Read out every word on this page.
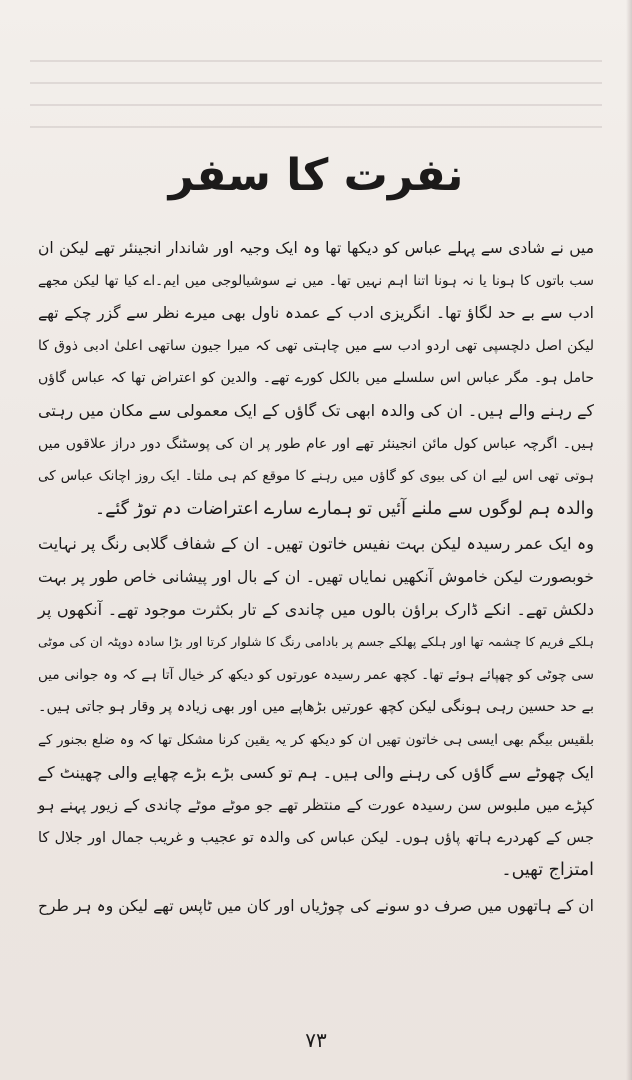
نفرت کا سفر
میں نے شادی سے پہلے عباس کو دیکھا تھا وہ ایک وجیہ اور شاندار انجینئر تھے لیکن ان
سب باتوں کا ہونا یا نہ ہونا اتنا اہم نہیں تھا۔ میں نے سوشیالوجی میں ایم۔اے کیا تھا لیکن مجھے
ادب سے بے حد لگاؤ تھا۔ انگریزی ادب کے عمدہ ناول بھی میرے نظر سے گزر چکے تھے
لیکن اصل دلچسپی تھی اردو ادب سے میں چاہتی تھی کہ میرا جیون ساتھی اعلیٰ ادبی ذوق کا
حامل ہو۔ مگر عباس اس سلسلے میں بالکل کورے تھے۔ والدین کو اعتراض تھا کہ عباس گاؤں
کے رہنے والے ہیں۔ ان کی والدہ ابھی تک گاؤں کے ایک معمولی سے مکان میں رہتی
ہیں۔ اگرچہ عباس کول مائن انجینئر تھے اور عام طور پر ان کی پوسٹنگ دور دراز علاقوں میں
ہوتی تھی اس لیے ان کی بیوی کو گاؤں میں رہنے کا موقع کم ہی ملتا۔ ایک روز اچانک عباس کی
والدہ ہم لوگوں سے ملنے آئیں تو ہمارے سارے اعتراضات دم توڑ گئے۔
وہ ایک عمر رسیدہ لیکن بہت نفیس خاتون تھیں۔ ان کے شفاف گلابی رنگ پر نہایت
خوبصورت لیکن خاموش آنکھیں نمایاں تھیں۔ ان کے بال اور پیشانی خاص طور پر بہت
دلکش تھے۔ انکے ڈارک براؤن بالوں میں چاندی کے تار بکثرت موجود تھے۔ آنکھوں پر
ہلکے فریم کا چشمہ تھا اور ہلکے پھلکے جسم پر بادامی رنگ کا شلوار کرتا اور بڑا سادہ دوپٹہ ان کی موٹی
سی چوٹی کو چھپائے ہوئے تھا۔ کچھ عمر رسیدہ عورتوں کو دیکھ کر خیال آتا ہے کہ وہ جوانی میں
بے حد حسین رہی ہونگی لیکن کچھ عورتیں بڑھاپے میں اور بھی زیادہ پر وقار ہو جاتی ہیں۔
بلقیس بیگم بھی ایسی ہی خاتون تھیں ان کو دیکھ کر یہ یقین کرنا مشکل تھا کہ وہ ضلع بجنور کے
ایک چھوٹے سے گاؤں کی رہنے والی ہیں۔ ہم تو کسی بڑے بڑے چھاپے والی چھینٹ کے
کپڑے میں ملبوس سن رسیدہ عورت کے منتظر تھے جو موٹے موٹے چاندی کے زیور پہنے ہو
جس کے کھردرے ہاتھ پاؤں ہوں۔ لیکن عباس کی والدہ تو عجیب و غریب جمال اور جلال کا
امتزاج تھیں۔
ان کے ہاتھوں میں صرف دو سونے کی چوڑیاں اور کان میں ٹاپس تھے لیکن وہ ہر طرح
۷۳
